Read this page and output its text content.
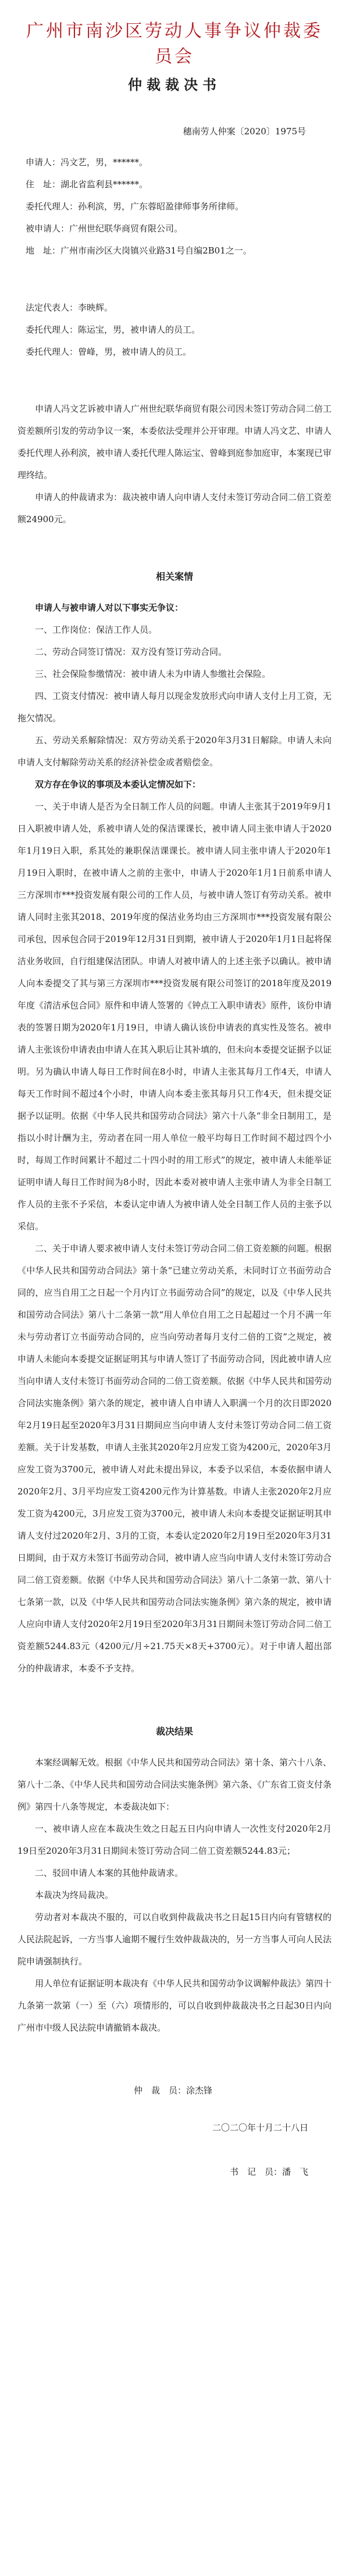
广州市南沙区劳动人事争议仲裁委员会
仲裁裁决书
穗南劳人仲案〔2020〕1975号
申请人：冯文艺，男，******。
住　址：湖北省监利县******。
委托代理人：孙利滨，男，广东蓉昭盈律师事务所律师。
被申请人：广州世纪联华商贸有限公司。
地　址：广州市南沙区大岗镇兴业路31号自编2B01之一。
法定代表人：李映辉。
委托代理人：陈运宝，男，被申请人的员工。
委托代理人：曾峰，男，被申请人的员工。

申请人冯文艺诉被申请人广州世纪联华商贸有限公司因未签订劳动合同二倍工资差额所引发的劳动争议一案，本委依法受理并公开审理。申请人冯文艺、申请人委托代理人孙利滨，被申请人委托代理人陈运宝、曾峰到庭参加庭审，本案现已审理终结。

申请人的仲裁请求为：裁决被申请人向申请人支付未签订劳动合同二倍工资差额24900元。

相关案情

申请人与被申请人对以下事实无争议：

一、工作岗位：保洁工作人员。

二、劳动合同签订情况：双方没有签订劳动合同。

三、社会保险参缴情况：被申请人未为申请人参缴社会保险。

四、工资支付情况：被申请人每月以现金发放形式向申请人支付上月工资，无拖欠情况。

五、劳动关系解除情况：双方劳动关系于2020年3月31日解除。申请人未向申请人支付解除劳动关系的经济补偿金或者赔偿金。

双方存在争议的事项及本委认定情况如下：

一、关于申请人是否为全日制工作人员的问题。申请人主张其于2019年9月1日入职被申请人处，系被申请人处的保洁课课长，被申请人同主张申请人于2020年1月19日入职，系其处的兼职保洁课课长。被申请人同主张申请人于2020年1月19日入职时，在被申请人之前的主张中，申请人于2020年1月1日前系申请人三方深圳市***投资发展有限公司的工作人员，与被申请人签订有劳动关系。被申请人同时主张其2018、2019年度的保洁业务均由三方深圳市***投资发展有限公司承包，因承包合同于2019年12月31日到期，被申请人于2020年1月1日起将保洁业务收回，自行组建保洁团队。申请人对被申请人的上述主张予以确认。被申请人向本委提交了其与第三方深圳市***投资发展有限公司签订的2018年度及2019年度《清洁承包合同》原件和申请人签署的《钟点工入职申请表》原件，该份申请表的签署日期为2020年1月19日，申请人确认该份申请表的真实性及签名。被申请人主张该份申请表由申请人在其入职后让其补填的，但未向本委提交证据予以证明。另为确认申请人每日工作时间在8小时，申请人主张其每月工作4天，申请人每天工作时间不超过4个小时，申请人向本委主张其每月只工作4天，但未提交证据予以证明。依据《中华人民共和国劳动合同法》第六十八条“非全日制用工，是指以小时计酬为主，劳动者在同一用人单位一般平均每日工作时间不超过四个小时，每周工作时间累计不超过二十四小时的用工形式”的规定，被申请人未能举证证明申请人每日工作时间为8小时，因此本委对被申请人主张申请人为非全日制工作人员的主张不予采信，本委认定申请人为被申请人处全日制工作人员的主张予以采信。

二、关于申请人要求被申请人支付未签订劳动合同二倍工资差额的问题。根据《中华人民共和国劳动合同法》第十条“已建立劳动关系，未同时订立书面劳动合同的，应当自用工之日起一个月内订立书面劳动合同”的规定，以及《中华人民共和国劳动合同法》第八十二条第一款“用人单位自用工之日起超过一个月不满一年未与劳动者订立书面劳动合同的，应当向劳动者每月支付二倍的工资”之规定，被申请人未能向本委提交证据证明其与申请人签订了书面劳动合同，因此被申请人应当向申请人支付未签订书面劳动合同的二倍工资差额。依据《中华人民共和国劳动合同法实施条例》第六条的规定，被申请人自申请人入职满一个月的次日即2020年2月19日起至2020年3月31日期间应当向申请人支付未签订劳动合同二倍工资差额。关于计发基数，申请人主张其2020年2月应发工资为4200元，2020年3月应发工资为3700元，被申请人对此未提出异议，本委予以采信，本委依据申请人2020年2月、3月平均应发工资4200元作为计算基数。申请人主张2020年2月应发工资为4200元，3月应发工资为3700元，被申请人未向本委提交证据证明其申请人支付过2020年2月、3月的工资，本委认定2020年2月19日至2020年3月31日期间，由于双方未签订书面劳动合同，被申请人应当向申请人支付未签订劳动合同二倍工资差额。依据《中华人民共和国劳动合同法》第八十二条第一款、第八十七条第一款，以及《中华人民共和国劳动合同法实施条例》第六条的规定，被申请人应向申请人支付2020年2月19日至2020年3月31日期间未签订劳动合同二倍工资差额5244.83元（4200元/月÷21.75天×8天+3700元）。对于申请人超出部分的仲裁请求，本委不予支持。

裁决结果

本案经调解无效。根据《中华人民共和国劳动合同法》第十条、第六十八条、第八十二条、《中华人民共和国劳动合同法实施条例》第六条、《广东省工资支付条例》第四十八条等规定，本委裁决如下：

一、被申请人应在本裁决生效之日起五日内向申请人一次性支付2020年2月19日至2020年3月31日期间未签订劳动合同二倍工资差额5244.83元；

二、驳回申请人本案的其他仲裁请求。

本裁决为终局裁决。

劳动者对本裁决不服的，可以自收到仲裁裁决书之日起15日内向有管辖权的人民法院起诉，一方当事人逾期不履行生效仲裁裁决的，另一方当事人可向人民法院申请强制执行。

用人单位有证据证明本裁决有《中华人民共和国劳动争议调解仲裁法》第四十九条第一款第（一）至（六）项情形的，可以自收到仲裁裁决书之日起30日内向广州市中级人民法院申请撤销本裁决。

仲　裁　员：涂杰锋
二〇二〇年十月二十八日
书　记　员：潘　飞
